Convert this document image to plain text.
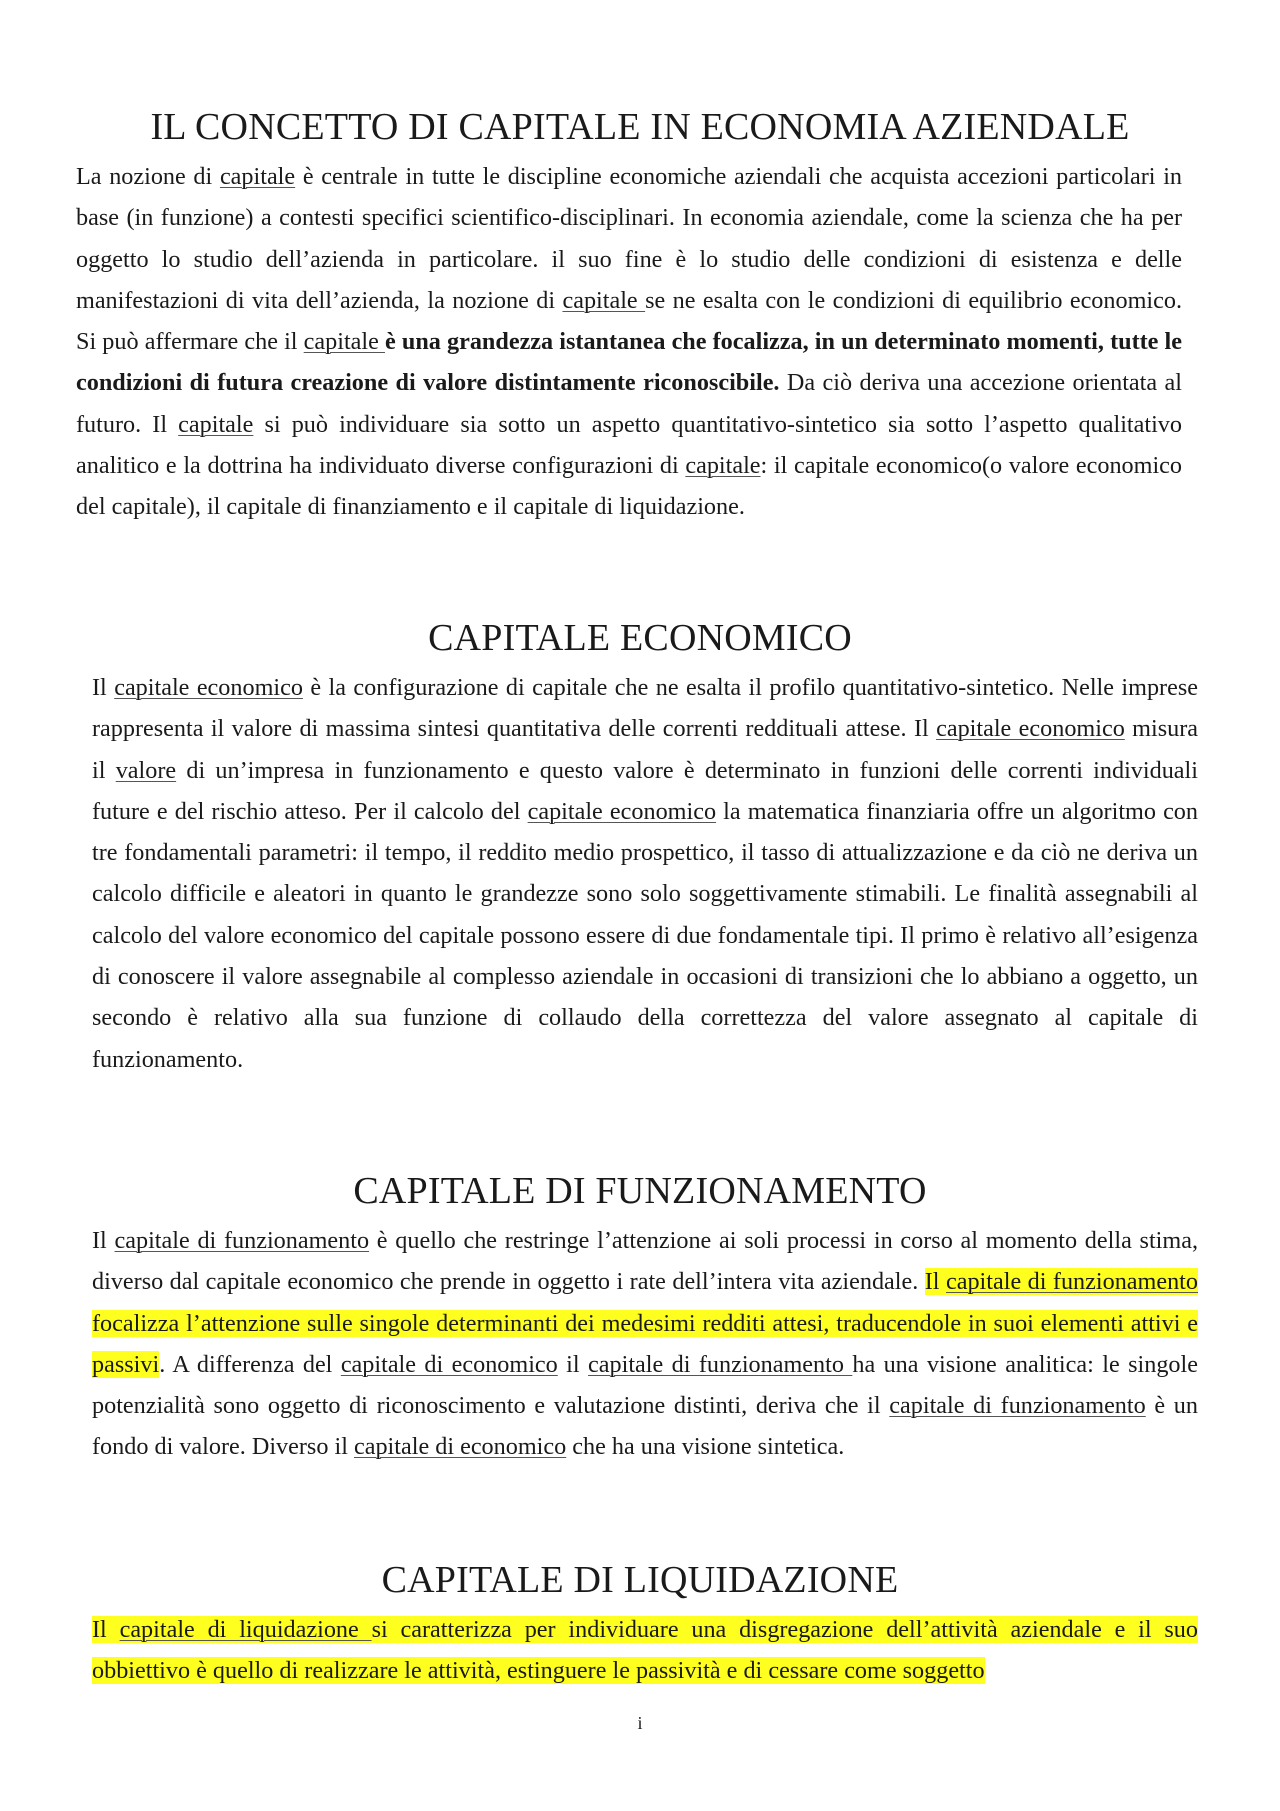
IL CONCETTO DI CAPITALE IN ECONOMIA AZIENDALE

La nozione di capitale è centrale in tutte le discipline economiche aziendali che acquista accezioni particolari in base (in funzione) a contesti specifici scientifico-disciplinari. In economia aziendale, come la scienza che ha per oggetto lo studio dell’azienda in particolare. il suo fine è lo studio delle condizioni di esistenza e delle manifestazioni di vita dell’azienda, la nozione di capitale se ne esalta con le condizioni di equilibrio economico. Si può affermare che il capitale è una grandezza istantanea che focalizza, in un determinato momenti, tutte le condizioni di futura creazione di valore distintamente riconoscibile. Da ciò deriva una accezione orientata al futuro. Il capitale si può individuare sia sotto un aspetto quantitativo-sintetico sia sotto l’aspetto qualitativo analitico e la dottrina ha individuato diverse configurazioni di capitale: il capitale economico(o valore economico del capitale), il capitale di finanziamento e il capitale di liquidazione.

CAPITALE ECONOMICO

Il capitale economico è la configurazione di capitale che ne esalta il profilo quantitativo-sintetico. Nelle imprese rappresenta il valore di massima sintesi quantitativa delle correnti reddituali attese. Il capitale economico misura il valore di un’impresa in funzionamento e questo valore è determinato in funzioni delle correnti individuali future e del rischio atteso. Per il calcolo del capitale economico la matematica finanziaria offre un algoritmo con tre fondamentali parametri: il tempo, il reddito medio prospettico, il tasso di attualizzazione e da ciò ne deriva un calcolo difficile e aleatori in quanto le grandezze sono solo soggettivamente stimabili. Le finalità assegnabili al calcolo del valore economico del capitale possono essere di due fondamentale tipi. Il primo è relativo all’esigenza di conoscere il valore assegnabile al complesso aziendale in occasioni di transizioni che lo abbiano a oggetto, un secondo è relativo alla sua funzione di collaudo della correttezza del valore assegnato al capitale di funzionamento.

CAPITALE DI FUNZIONAMENTO

Il capitale di funzionamento è quello che restringe l’attenzione ai soli processi in corso al momento della stima, diverso dal capitale economico che prende in oggetto i rate dell’intera vita aziendale. Il capitale di funzionamento focalizza l’attenzione sulle singole determinanti dei medesimi redditi attesi, traducendole in suoi elementi attivi e passivi. A differenza del capitale di economico il capitale di funzionamento ha una visione analitica: le singole potenzialità sono oggetto di riconoscimento e valutazione distinti, deriva che il capitale di funzionamento è un fondo di valore. Diverso il capitale di economico che ha una visione sintetica.

CAPITALE DI LIQUIDAZIONE

Il capitale di liquidazione si caratterizza per individuare una disgregazione dell’attività aziendale e il suo obbiettivo è quello di realizzare le attività, estinguere le passività e di cessare come soggetto

i
